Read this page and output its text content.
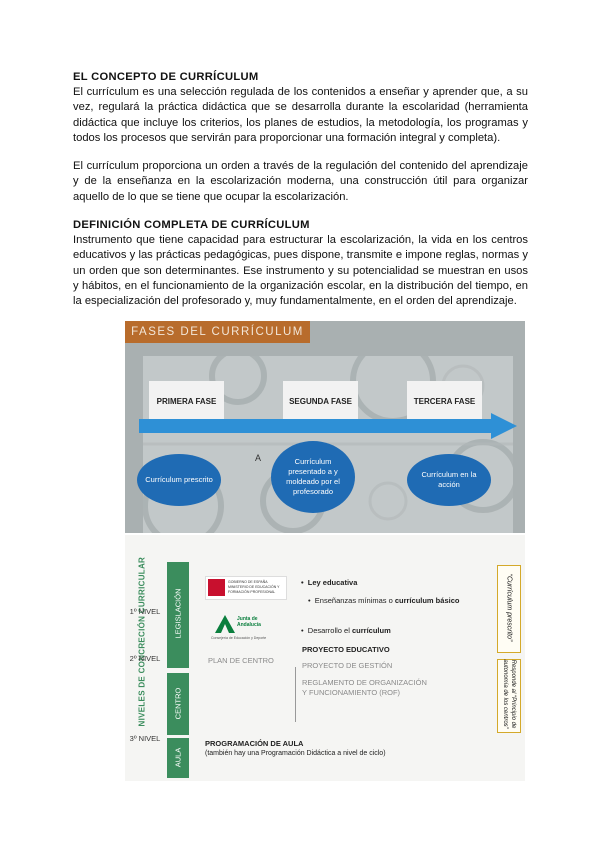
EL CONCEPTO DE CURRÍCULUM
El currículum es una selección regulada de los contenidos a enseñar y aprender que, a su vez, regulará la práctica didáctica que se desarrolla durante la escolaridad (herramienta didáctica que incluye los criterios, los planes de estudios, la metodología, los programas y todos los procesos que servirán para proporcionar una formación integral y completa).
El currículum proporciona un orden a través de la regulación del contenido del aprendizaje y de la enseñanza en la escolarización moderna, una construcción útil para organizar aquello de lo que se tiene que ocupar la escolarización.
DEFINICIÓN COMPLETA DE CURRÍCULUM
Instrumento que tiene capacidad para estructurar la escolarización, la vida en los centros educativos y las prácticas pedagógicas, pues dispone, transmite e impone reglas, normas y un orden que son determinantes. Ese instrumento y su potencialidad se muestran en usos y hábitos, en el funcionamiento de la organización escolar, en la distribución del tiempo, en la especialización del profesorado y, muy fundamentalmente, en el orden del aprendizaje.
FASES DEL CURRÍCULUM
PRIMERA FASE	SEGUNDA FASE	TERCERA FASE
A
Currículum prescrito
Currículum presentado a y moldeado por el profesorado
Currículum en la acción
NIVELES DE CONCRECIÓN CURRICULAR
1º NIVEL
2º NIVEL
3º NIVEL
LEGISLACIÓN
CENTRO
AULA
GOBIERNO DE ESPAÑA MINISTERIO DE EDUCACIÓN Y FORMACIÓN PROFESIONAL
Junta de Andalucía
Consejería de Educación y Deporte
•  Ley educativa
•  Enseñanzas mínimas o currículum básico
•  Desarrollo el currículum
PLAN DE CENTRO
PROYECTO EDUCATIVO
PROYECTO DE GESTIÓN
REGLAMENTO DE ORGANIZACIÓN
Y FUNCIONAMIENTO (ROF)
PROGRAMACIÓN DE AULA
(también hay una Programación Didáctica a nivel de ciclo)
“Currículum prescrito”
Responde al “Principio de autonomía de los centros”
